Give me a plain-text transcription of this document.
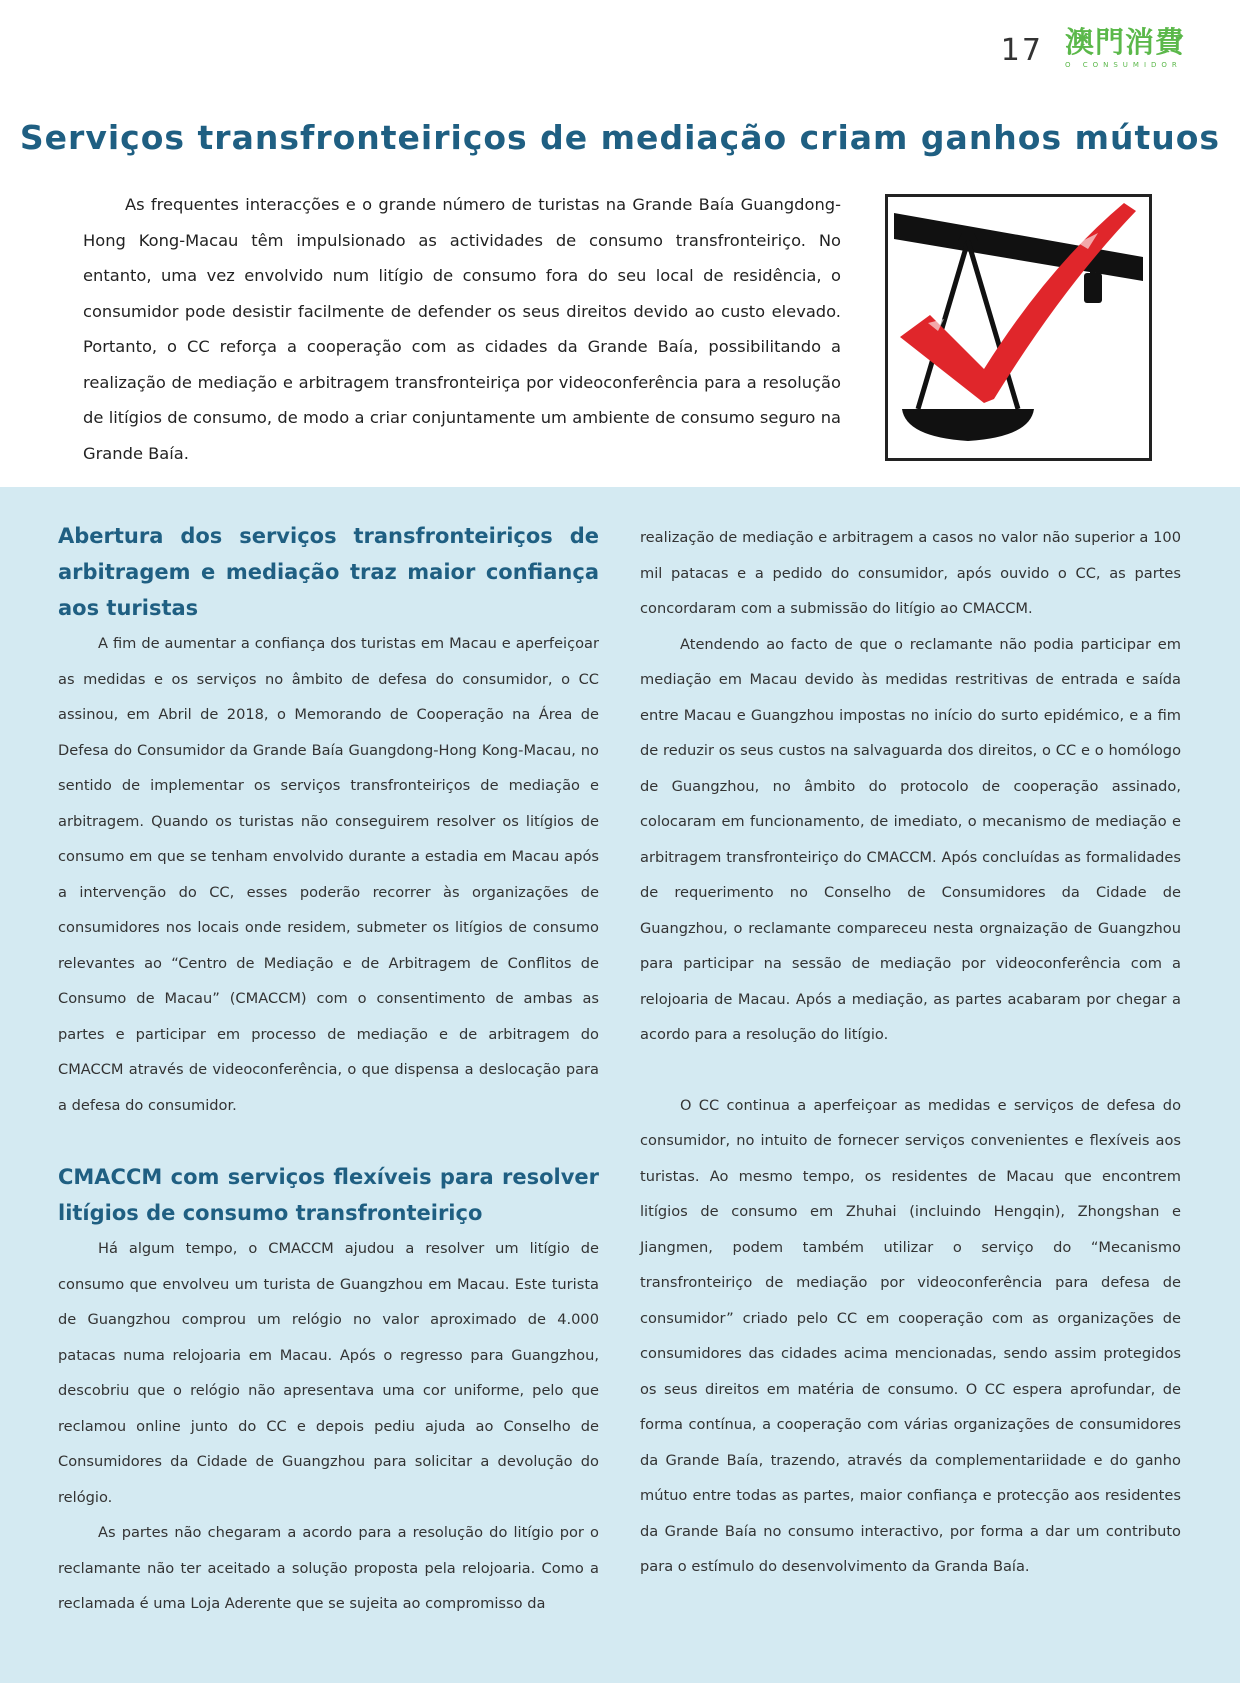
17 澳門消費
O CONSUMIDOR
Serviços transfronteiriços de mediação criam ganhos mútuos

As frequentes interacções e o grande número de turistas na Grande Baía Guangdong-Hong Kong-Macau têm impulsionado as actividades de consumo transfronteiriço. No entanto, uma vez envolvido num litígio de consumo fora do seu local de residência, o consumidor pode desistir facilmente de defender os seus direitos devido ao custo elevado. Portanto, o CC reforça a cooperação com as cidades da Grande Baía, possibilitando a realização de mediação e arbitragem transfronteiriça por videoconferência para a resolução de litígios de consumo, de modo a criar conjuntamente um ambiente de consumo seguro na Grande Baía.

Abertura dos serviços transfronteiriços de arbitragem e mediação traz maior confiança aos turistas

A fim de aumentar a confiança dos turistas em Macau e aperfeiçoar as medidas e os serviços no âmbito de defesa do consumidor, o CC assinou, em Abril de 2018, o Memorando de Cooperação na Área de Defesa do Consumidor da Grande Baía Guangdong-Hong Kong-Macau, no sentido de implementar os serviços transfronteiriços de mediação e arbitragem. Quando os turistas não conseguirem resolver os litígios de consumo em que se tenham envolvido durante a estadia em Macau após a intervenção do CC, esses poderão recorrer às organizações de consumidores nos locais onde residem, submeter os litígios de consumo relevantes ao “Centro de Mediação e de Arbitragem de Conflitos de Consumo de Macau” (CMACCM) com o consentimento de ambas as partes e participar em processo de mediação e de arbitragem do CMACCM através de videoconferência, o que dispensa a deslocação para a defesa do consumidor.

CMACCM com serviços flexíveis para resolver litígios de consumo transfronteiriço

Há algum tempo, o CMACCM ajudou a resolver um litígio de consumo que envolveu um turista de Guangzhou em Macau. Este turista de Guangzhou comprou um relógio no valor aproximado de 4.000 patacas numa relojoaria em Macau. Após o regresso para Guangzhou, descobriu que o relógio não apresentava uma cor uniforme, pelo que reclamou online junto do CC e depois pediu ajuda ao Conselho de Consumidores da Cidade de Guangzhou para solicitar a devolução do relógio.

As partes não chegaram a acordo para a resolução do litígio por o reclamante não ter aceitado a solução proposta pela relojoaria. Como a reclamada é uma Loja Aderente que se sujeita ao compromisso da

realização de mediação e arbitragem a casos no valor não superior a 100 mil patacas e a pedido do consumidor, após ouvido o CC, as partes concordaram com a submissão do litígio ao CMACCM.

Atendendo ao facto de que o reclamante não podia participar em mediação em Macau devido às medidas restritivas de entrada e saída entre Macau e Guangzhou impostas no início do surto epidémico, e a fim de reduzir os seus custos na salvaguarda dos direitos, o CC e o homólogo de Guangzhou, no âmbito do protocolo de cooperação assinado, colocaram em funcionamento, de imediato, o mecanismo de mediação e arbitragem transfronteiriço do CMACCM. Após concluídas as formalidades de requerimento no Conselho de Consumidores da Cidade de Guangzhou, o reclamante compareceu nesta orgnaização de Guangzhou para participar na sessão de mediação por videoconferência com a relojoaria de Macau. Após a mediação, as partes acabaram por chegar a acordo para a resolução do litígio.

O CC continua a aperfeiçoar as medidas e serviços de defesa do consumidor, no intuito de fornecer serviços convenientes e flexíveis aos turistas. Ao mesmo tempo, os residentes de Macau que encontrem litígios de consumo em Zhuhai (incluindo Hengqin), Zhongshan e Jiangmen, podem também utilizar o serviço do “Mecanismo transfronteiriço de mediação por videoconferência para defesa de consumidor” criado pelo CC em cooperação com as organizações de consumidores das cidades acima mencionadas, sendo assim protegidos os seus direitos em matéria de consumo. O CC espera aprofundar, de forma contínua, a cooperação com várias organizações de consumidores da Grande Baía, trazendo, através da complementariidade e do ganho mútuo entre todas as partes, maior confiança e protecção aos residentes da Grande Baía no consumo interactivo, por forma a dar um contributo para o estímulo do desenvolvimento da Granda Baía.
